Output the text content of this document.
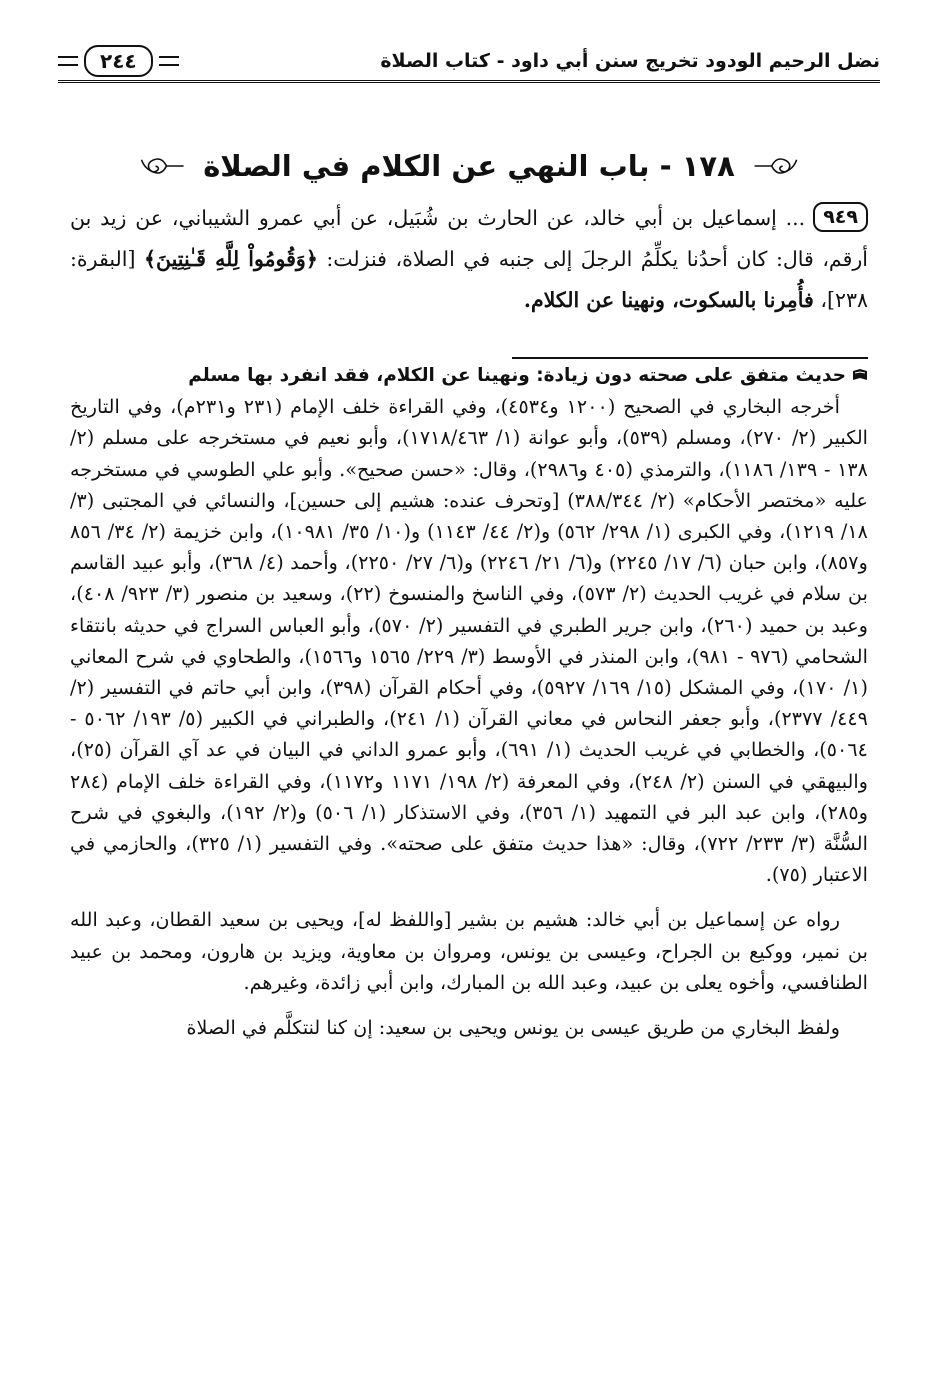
نضل الرحيم الودود تخريج سنن أبي داود - كتاب الصلاة
٢٤٤
١٧٨ - باب النهي عن الكلام في الصلاة
٩٤٩... إسماعيل بن أبي خالد، عن الحارث بن شُبَيل، عن أبي عمرو الشيباني، عن زيد بن أرقم، قال: كان أحدُنا يكلِّمُ الرجلَ إلى جنبه في الصلاة، فنزلت: ﴿وَقُومُواْ لِلَّهِ قَـٰنِتِينَ﴾ [البقرة: ٢٣٨]، فأُمِرنا بالسكوت، ونهينا عن الكلام.

حديث متفق على صحته دون زيادة: ونهينا عن الكلام، فقد انفرد بها مسلم

أخرجه البخاري في الصحيح (١٢٠٠ و٤٥٣٤)، وفي القراءة خلف الإمام (٢٣١ و٢٣١م)، وفي التاريخ الكبير (٢/ ٢٧٠)، ومسلم (٥٣٩)، وأبو عوانة (١/ ١٧١٨/٤٦٣)، وأبو نعيم في مستخرجه على مسلم (٢/ ١٣٨ - ١٣٩/ ١١٨٦)، والترمذي (٤٠٥ و٢٩٨٦)، وقال: «حسن صحيح». وأبو علي الطوسي في مستخرجه عليه «مختصر الأحكام» (٢/ ٣٨٨/٣٤٤) [وتحرف عنده: هشيم إلى حسين]، والنسائي في المجتبى (٣/ ١٨/ ١٢١٩)، وفي الكبرى (١/ ٢٩٨/ ٥٦٢) و(٢/ ٤٤/ ١١٤٣) و(١٠/ ٣٥/ ١٠٩٨١)، وابن خزيمة (٢/ ٣٤/ ٨٥٦ و٨٥٧)، وابن حبان (٦/ ١٧/ ٢٢٤٥) و(٦/ ٢١/ ٢٢٤٦) و(٦/ ٢٧/ ٢٢٥٠)، وأحمد (٤/ ٣٦٨)، وأبو عبيد القاسم بن سلام في غريب الحديث (٢/ ٥٧٣)، وفي الناسخ والمنسوخ (٢٢)، وسعيد بن منصور (٣/ ٩٢٣/ ٤٠٨)، وعبد بن حميد (٢٦٠)، وابن جرير الطبري في التفسير (٢/ ٥٧٠)، وأبو العباس السراج في حديثه بانتقاء الشحامي (٩٧٦ - ٩٨١)، وابن المنذر في الأوسط (٣/ ٢٢٩/ ١٥٦٥ و١٥٦٦)، والطحاوي في شرح المعاني (١/ ١٧٠)، وفي المشكل (١٥/ ١٦٩/ ٥٩٢٧)، وفي أحكام القرآن (٣٩٨)، وابن أبي حاتم في التفسير (٢/ ٤٤٩/ ٢٣٧٧)، وأبو جعفر النحاس في معاني القرآن (١/ ٢٤١)، والطبراني في الكبير (٥/ ١٩٣/ ٥٠٦٢ - ٥٠٦٤)، والخطابي في غريب الحديث (١/ ٦٩١)، وأبو عمرو الداني في البيان في عد آي القرآن (٢٥)، والبيهقي في السنن (٢/ ٢٤٨)، وفي المعرفة (٢/ ١٩٨/ ١١٧١ و١١٧٢)، وفي القراءة خلف الإمام (٢٨٤ و٢٨٥)، وابن عبد البر في التمهيد (١/ ٣٥٦)، وفي الاستذكار (١/ ٥٠٦) و(٢/ ١٩٢)، والبغوي في شرح السُّنَّة (٣/ ٢٣٣/ ٧٢٢)، وقال: «هذا حديث متفق على صحته». وفي التفسير (١/ ٣٢٥)، والحازمي في الاعتبار (٧٥).

رواه عن إسماعيل بن أبي خالد: هشيم بن بشير [واللفظ له]، ويحيى بن سعيد القطان، وعبد الله بن نمير، ووكيع بن الجراح، وعيسى بن يونس، ومروان بن معاوية، ويزيد بن هارون، ومحمد بن عبيد الطنافسي، وأخوه يعلى بن عبيد، وعبد الله بن المبارك، وابن أبي زائدة، وغيرهم.

ولفظ البخاري من طريق عيسى بن يونس ويحيى بن سعيد: إن كنا لنتكلَّم في الصلاة
